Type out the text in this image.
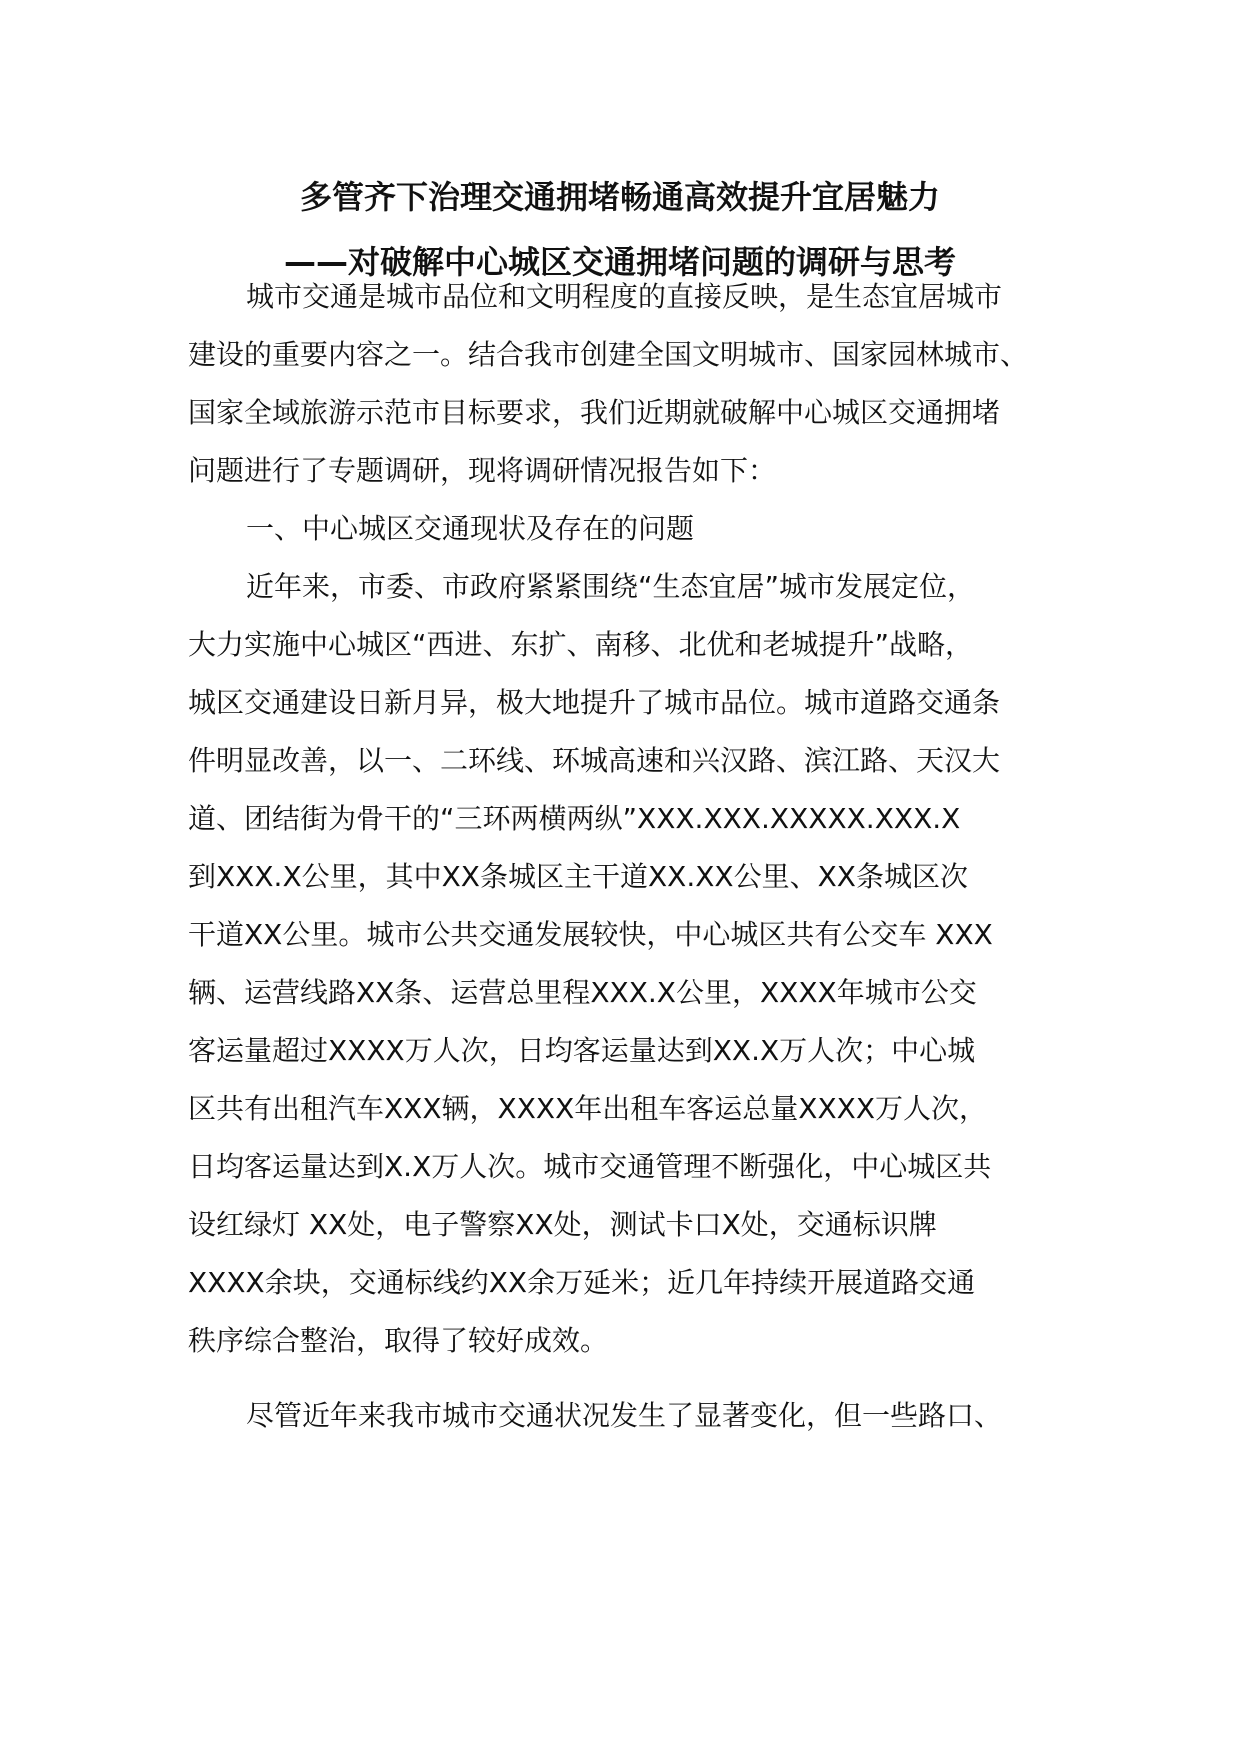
多管齐下治理交通拥堵畅通高效提升宜居魅力
——对破解中心城区交通拥堵问题的调研与思考
城市交通是城市品位和文明程度的直接反映，是生态宜居城市
建设的重要内容之一。结合我市创建全国文明城市、国家园林城市、
国家全域旅游示范市目标要求，我们近期就破解中心城区交通拥堵
问题进行了专题调研，现将调研情况报告如下：
一、中心城区交通现状及存在的问题
近年来，市委、市政府紧紧围绕“生态宜居”城市发展定位，
大力实施中心城区“西进、东扩、南移、北优和老城提升”战略，
城区交通建设日新月异，极大地提升了城市品位。城市道路交通条
件明显改善，以一、二环线、环城高速和兴汉路、滨江路、天汉大
道、团结街为骨干的“三环两横两纵”XXX.XXX.XXXXX.XXX.X
到XXX.X公里，其中XX条城区主干道XX.XX公里、XX条城区次
干道XX公里。城市公共交通发展较快，中心城区共有公交车 XXX
辆、运营线路XX条、运营总里程XXX.X公里，XXXX年城市公交
客运量超过XXXX万人次，日均客运量达到XX.X万人次；中心城
区共有出租汽车XXX辆，XXXX年出租车客运总量XXXX万人次，
日均客运量达到X.X万人次。城市交通管理不断强化，中心城区共
设红绿灯 XX处，电子警察XX处，测试卡口X处，交通标识牌
XXXX余块，交通标线约XX余万延米；近几年持续开展道路交通
秩序综合整治，取得了较好成效。
尽管近年来我市城市交通状况发生了显著变化，但一些路口、
